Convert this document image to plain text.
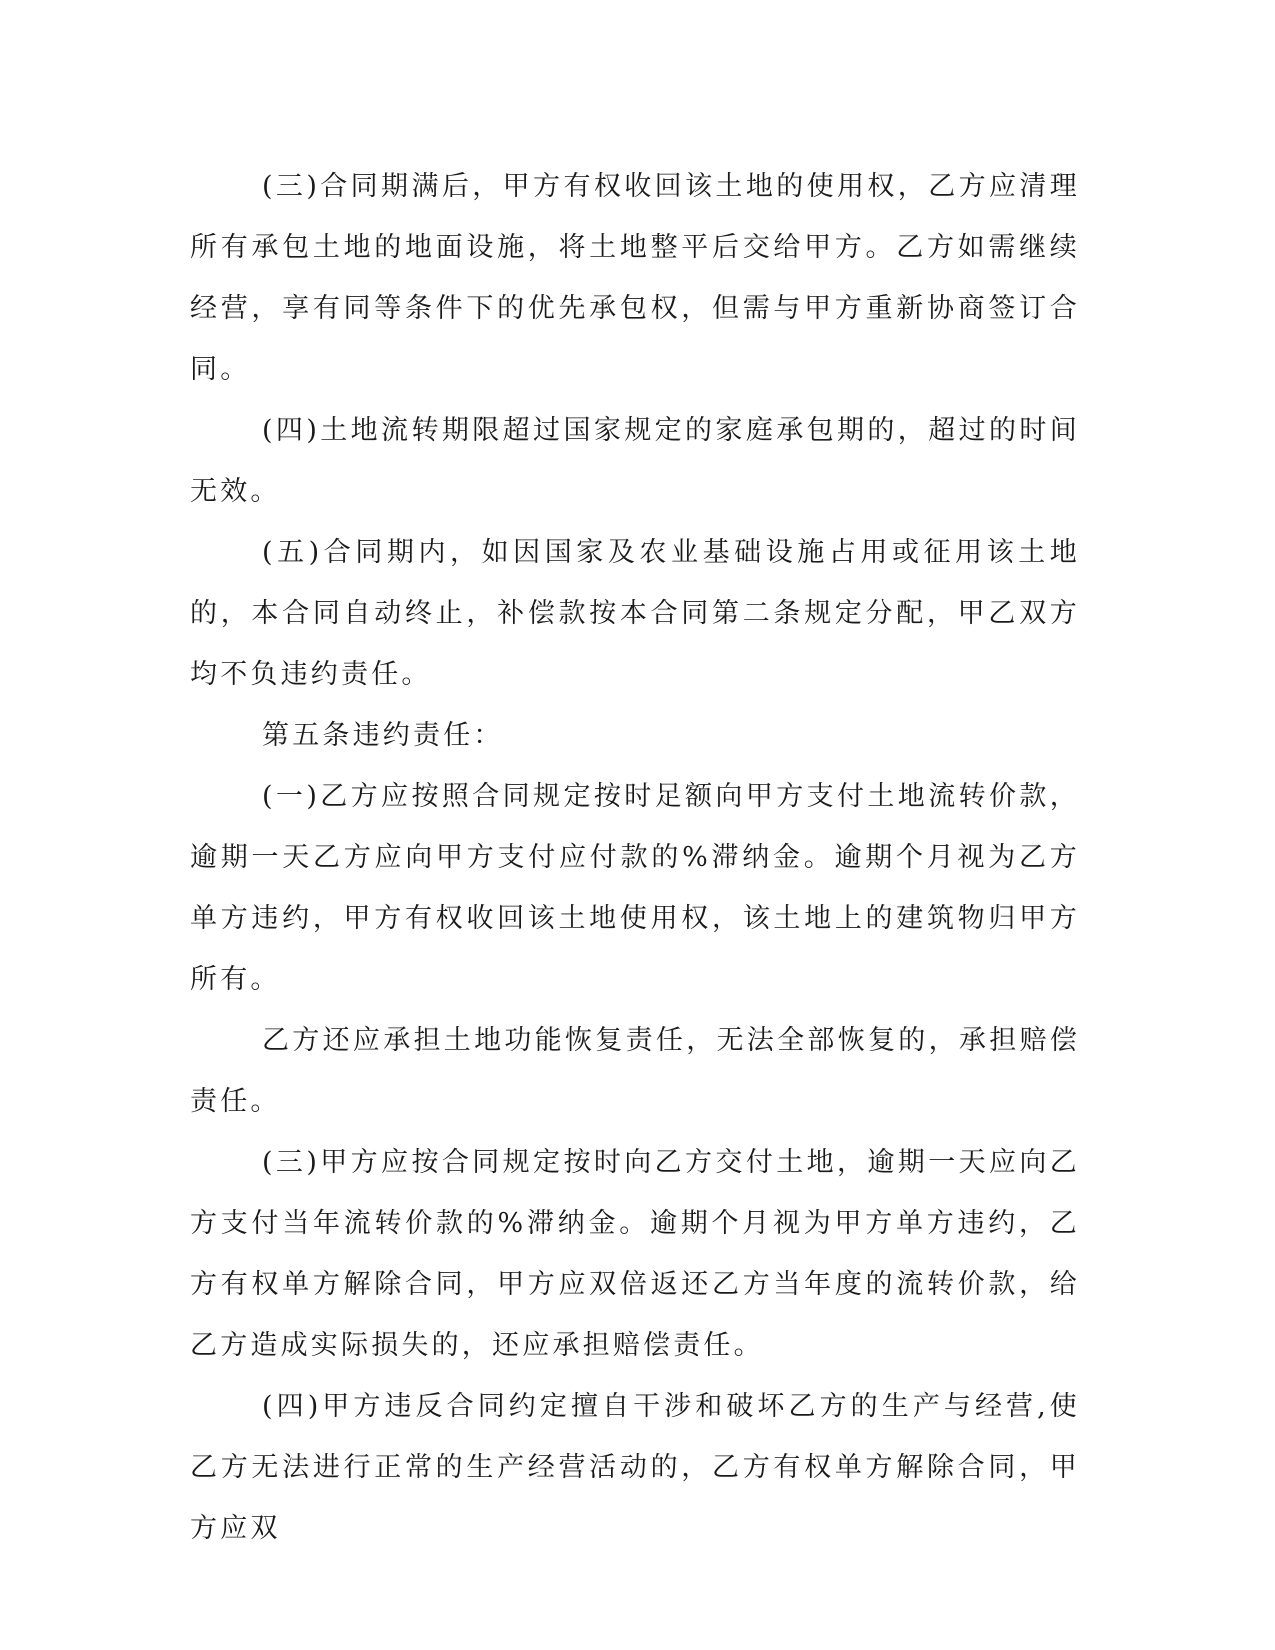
(三)合同期满后，甲方有权收回该土地的使用权，乙方应清理所有承包土地的地面设施，将土地整平后交给甲方。乙方如需继续经营，享有同等条件下的优先承包权，但需与甲方重新协商签订合同。

(四)土地流转期限超过国家规定的家庭承包期的，超过的时间无效。

(五)合同期内，如因国家及农业基础设施占用或征用该土地的，本合同自动终止，补偿款按本合同第二条规定分配，甲乙双方均不负违约责任。

第五条违约责任：

(一)乙方应按照合同规定按时足额向甲方支付土地流转价款，逾期一天乙方应向甲方支付应付款的%滞纳金。逾期个月视为乙方单方违约，甲方有权收回该土地使用权，该土地上的建筑物归甲方所有。

乙方还应承担土地功能恢复责任，无法全部恢复的，承担赔偿责任。

(三)甲方应按合同规定按时向乙方交付土地，逾期一天应向乙方支付当年流转价款的%滞纳金。逾期个月视为甲方单方违约，乙方有权单方解除合同，甲方应双倍返还乙方当年度的流转价款，给乙方造成实际损失的，还应承担赔偿责任。

(四)甲方违反合同约定擅自干涉和破坏乙方的生产与经营,使乙方无法进行正常的生产经营活动的，乙方有权单方解除合同，甲方应双
